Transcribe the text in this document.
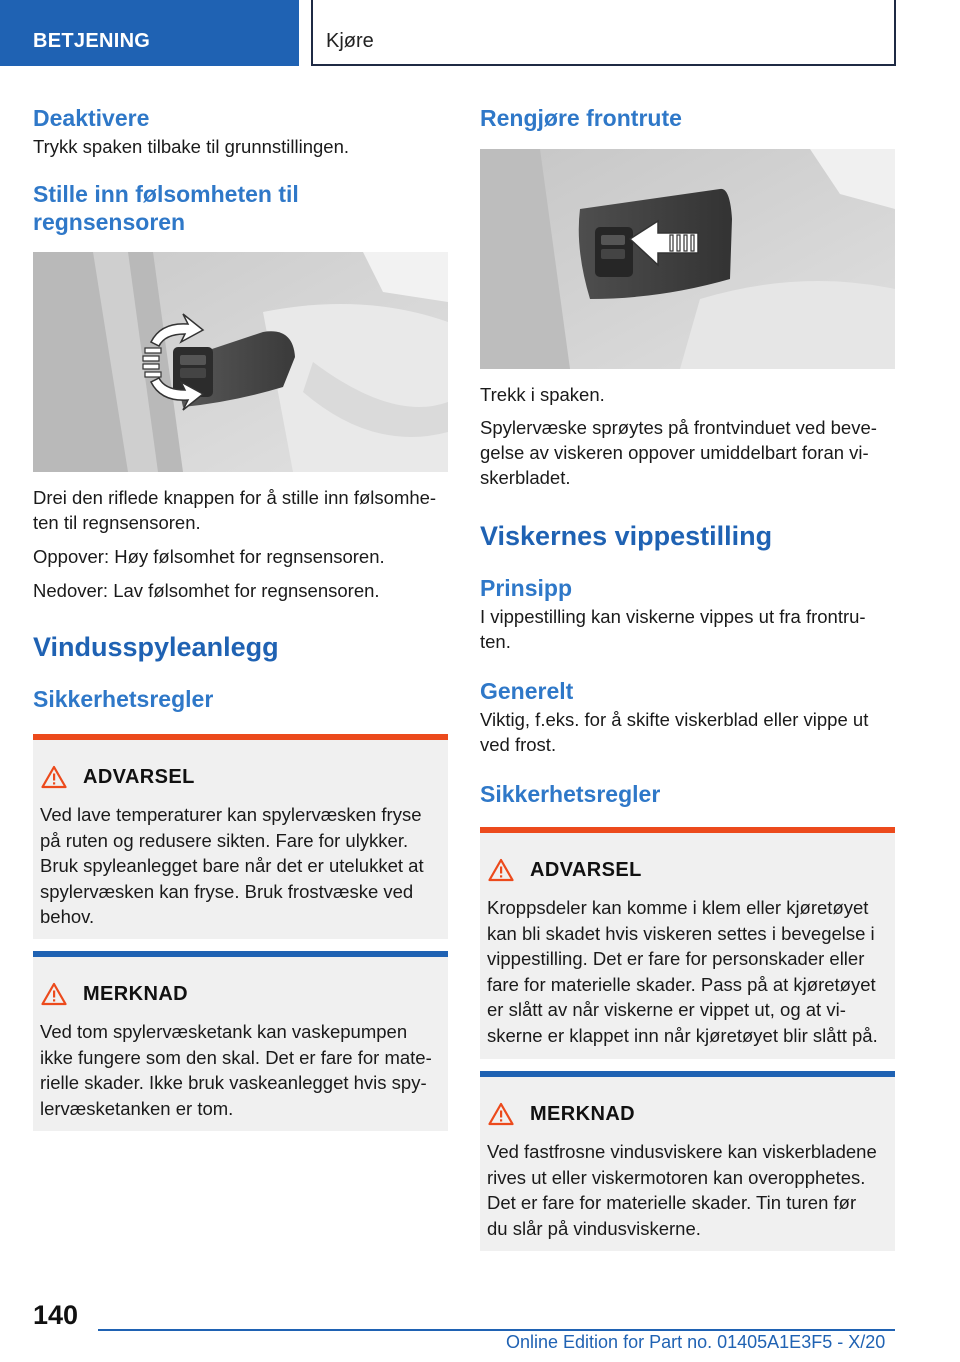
BETJENING	Kjøre
Deaktivere
Trykk spaken tilbake til grunnstillingen.
Stille inn følsomheten til
regnsensoren
Drei den riflede knappen for å stille inn følsomhe-
ten til regnsensoren.
Oppover: Høy følsomhet for regnsensoren.
Nedover: Lav følsomhet for regnsensoren.
Vindusspyleanlegg
Sikkerhetsregler
ADVARSEL
Ved lave temperaturer kan spylervæsken fryse
på ruten og redusere sikten. Fare for ulykker.
Bruk spyleanlegget bare når det er utelukket at
spylervæsken kan fryse. Bruk frostvæske ved
behov.
MERKNAD
Ved tom spylervæsketank kan vaskepumpen
ikke fungere som den skal. Det er fare for mate-
rielle skader. Ikke bruk vaskeanlegget hvis spy-
lervæsketanken er tom.
Rengjøre frontrute
Trekk i spaken.
Spylervæske sprøytes på frontvinduet ved beve-
gelse av viskeren oppover umiddelbart foran vi-
skerbladet.
Viskernes vippestilling
Prinsipp
I vippestilling kan viskerne vippes ut fra frontru-
ten.
Generelt
Viktig, f.eks. for å skifte viskerblad eller vippe ut
ved frost.
Sikkerhetsregler
ADVARSEL
Kroppsdeler kan komme i klem eller kjøretøyet
kan bli skadet hvis viskeren settes i bevegelse i
vippestilling. Det er fare for personskader eller
fare for materielle skader. Pass på at kjøretøyet
er slått av når viskerne er vippet ut, og at vi-
skerne er klappet inn når kjøretøyet blir slått på.
MERKNAD
Ved fastfrosne vindusviskere kan viskerbladene
rives ut eller viskermotoren kan overopphetes.
Det er fare for materielle skader. Tin turen før
du slår på vindusviskerne.
140
Online Edition for Part no. 01405A1E3F5 - X/20
